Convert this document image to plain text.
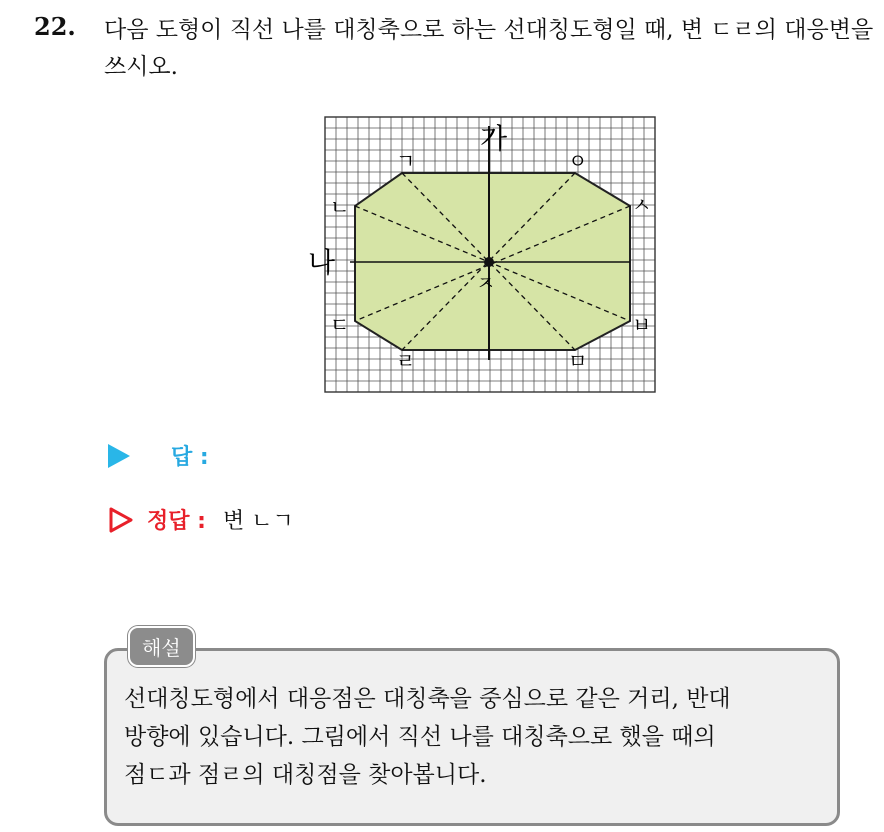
22. 다음 도형이 직선 나를 대칭축으로 하는 선대칭도형일 때, 변 ㄷㄹ의 대응변을 쓰시오.
가
나
ㄱ	ㅇ
ㄴ	ㅅ
ㅈ
ㄷ	ㅂ
ㄹ	ㅁ
답 :
정답 : 변 ㄴㄱ
해설
선대칭도형에서 대응점은 대칭축을 중심으로 같은 거리, 반대
방향에 있습니다. 그림에서 직선 나를 대칭축으로 했을 때의
점ㄷ과 점ㄹ의 대칭점을 찾아봅니다.
